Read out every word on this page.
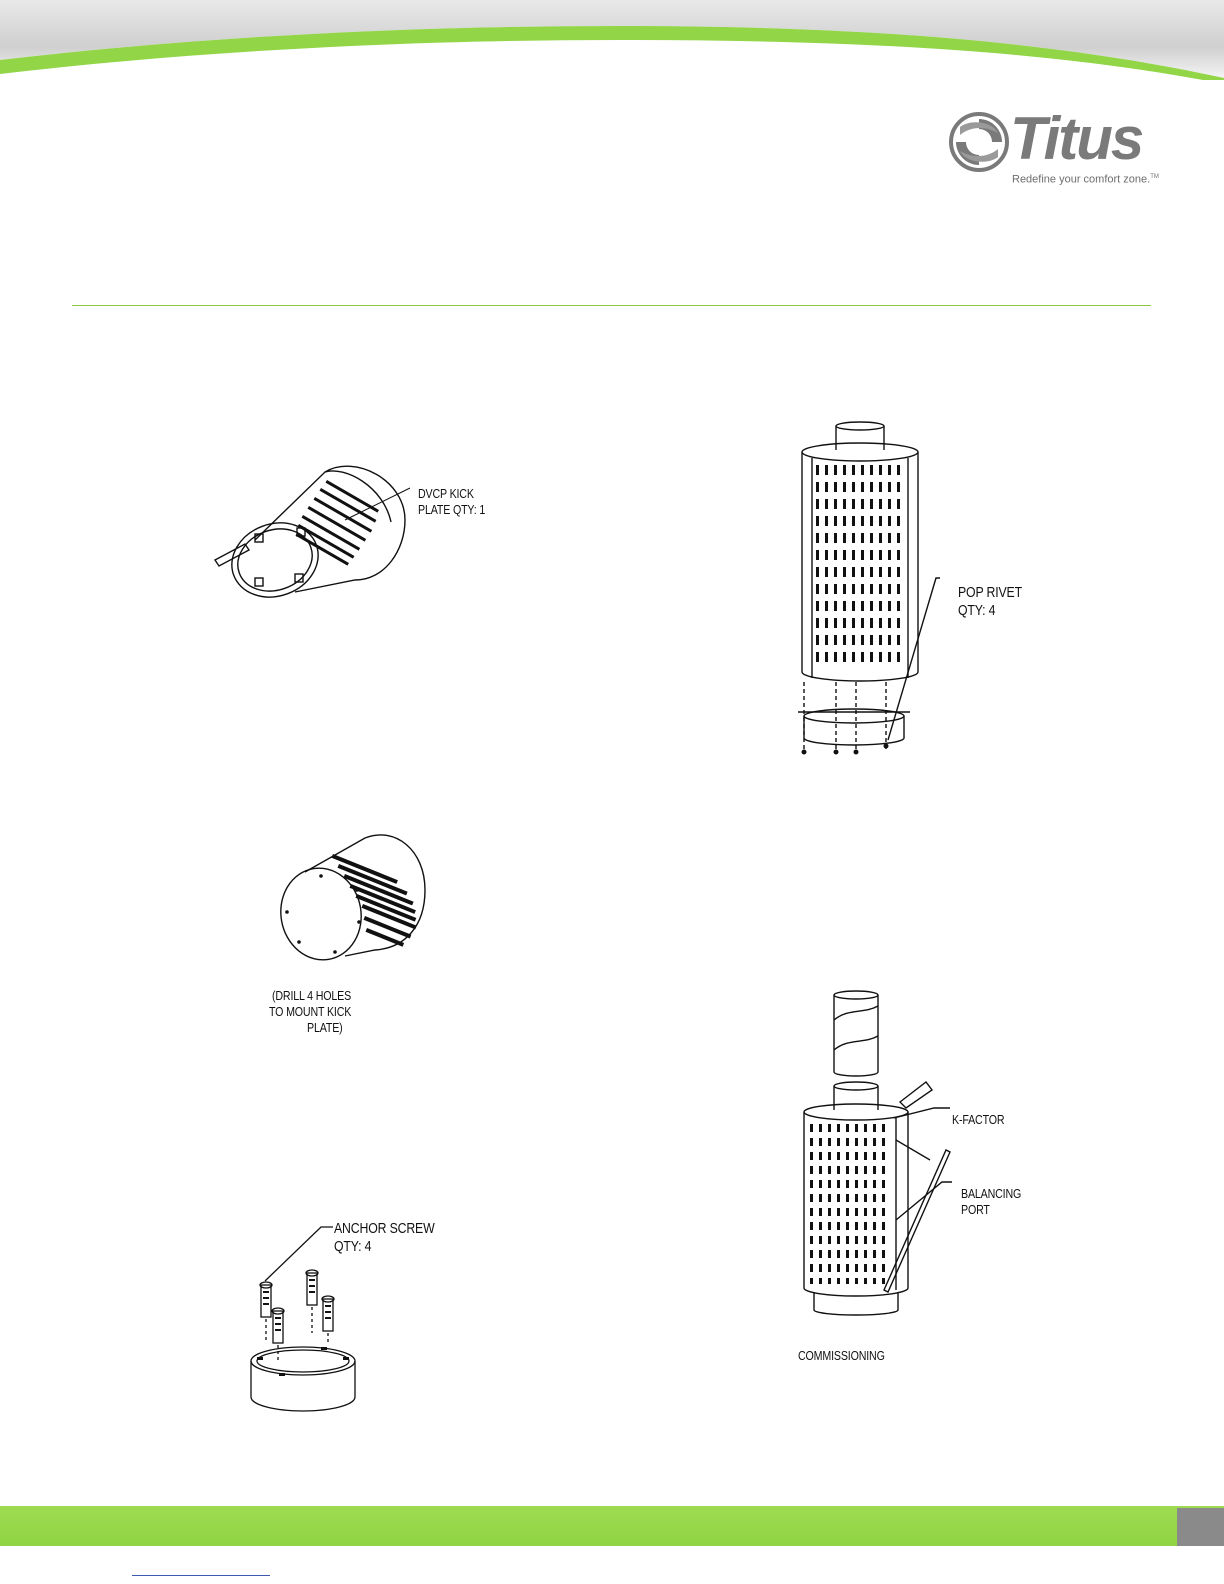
Titus
Redefine your comfort zone.™
DVCP KICK
PLATE QTY: 1
POP RIVET
QTY: 4
(DRILL 4 HOLES
TO MOUNT KICK
PLATE)
ANCHOR SCREW
QTY: 4
K-FACTOR
BALANCING
PORT
COMMISSIONING
